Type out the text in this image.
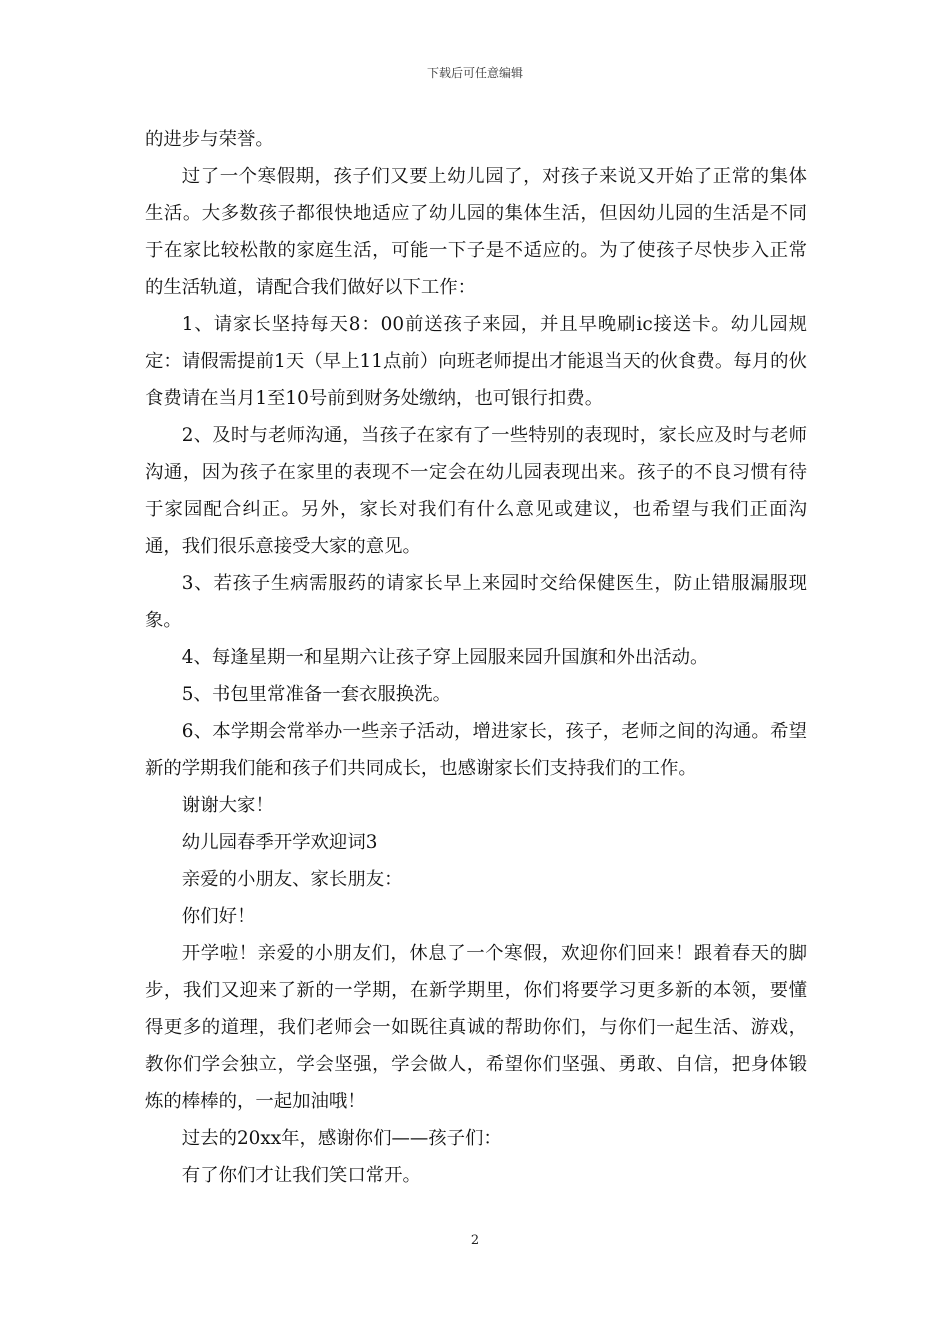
下载后可任意编辑

的进步与荣誉。

过了一个寒假期，孩子们又要上幼儿园了，对孩子来说又开始了正常的集体生活。大多数孩子都很快地适应了幼儿园的集体生活，但因幼儿园的生活是不同于在家比较松散的家庭生活，可能一下子是不适应的。为了使孩子尽快步入正常的生活轨道，请配合我们做好以下工作：

1、请家长坚持每天8：00前送孩子来园，并且早晚刷ic接送卡。幼儿园规定：请假需提前1天（早上11点前）向班老师提出才能退当天的伙食费。每月的伙食费请在当月1至10号前到财务处缴纳，也可银行扣费。

2、及时与老师沟通，当孩子在家有了一些特别的表现时，家长应及时与老师沟通，因为孩子在家里的表现不一定会在幼儿园表现出来。孩子的不良习惯有待于家园配合纠正。另外，家长对我们有什么意见或建议，也希望与我们正面沟通，我们很乐意接受大家的意见。

3、若孩子生病需服药的请家长早上来园时交给保健医生，防止错服漏服现象。

4、每逢星期一和星期六让孩子穿上园服来园升国旗和外出活动。

5、书包里常准备一套衣服换洗。

6、本学期会常举办一些亲子活动，增进家长，孩子，老师之间的沟通。希望新的学期我们能和孩子们共同成长，也感谢家长们支持我们的工作。

谢谢大家！

幼儿园春季开学欢迎词3

亲爱的小朋友、家长朋友：

你们好！

开学啦！亲爱的小朋友们，休息了一个寒假，欢迎你们回来！跟着春天的脚步，我们又迎来了新的一学期，在新学期里，你们将要学习更多新的本领，要懂得更多的道理，我们老师会一如既往真诚的帮助你们，与你们一起生活、游戏，教你们学会独立，学会坚强，学会做人，希望你们坚强、勇敢、自信，把身体锻炼的棒棒的，一起加油哦！

过去的20xx年，感谢你们——孩子们：

有了你们才让我们笑口常开。

2
